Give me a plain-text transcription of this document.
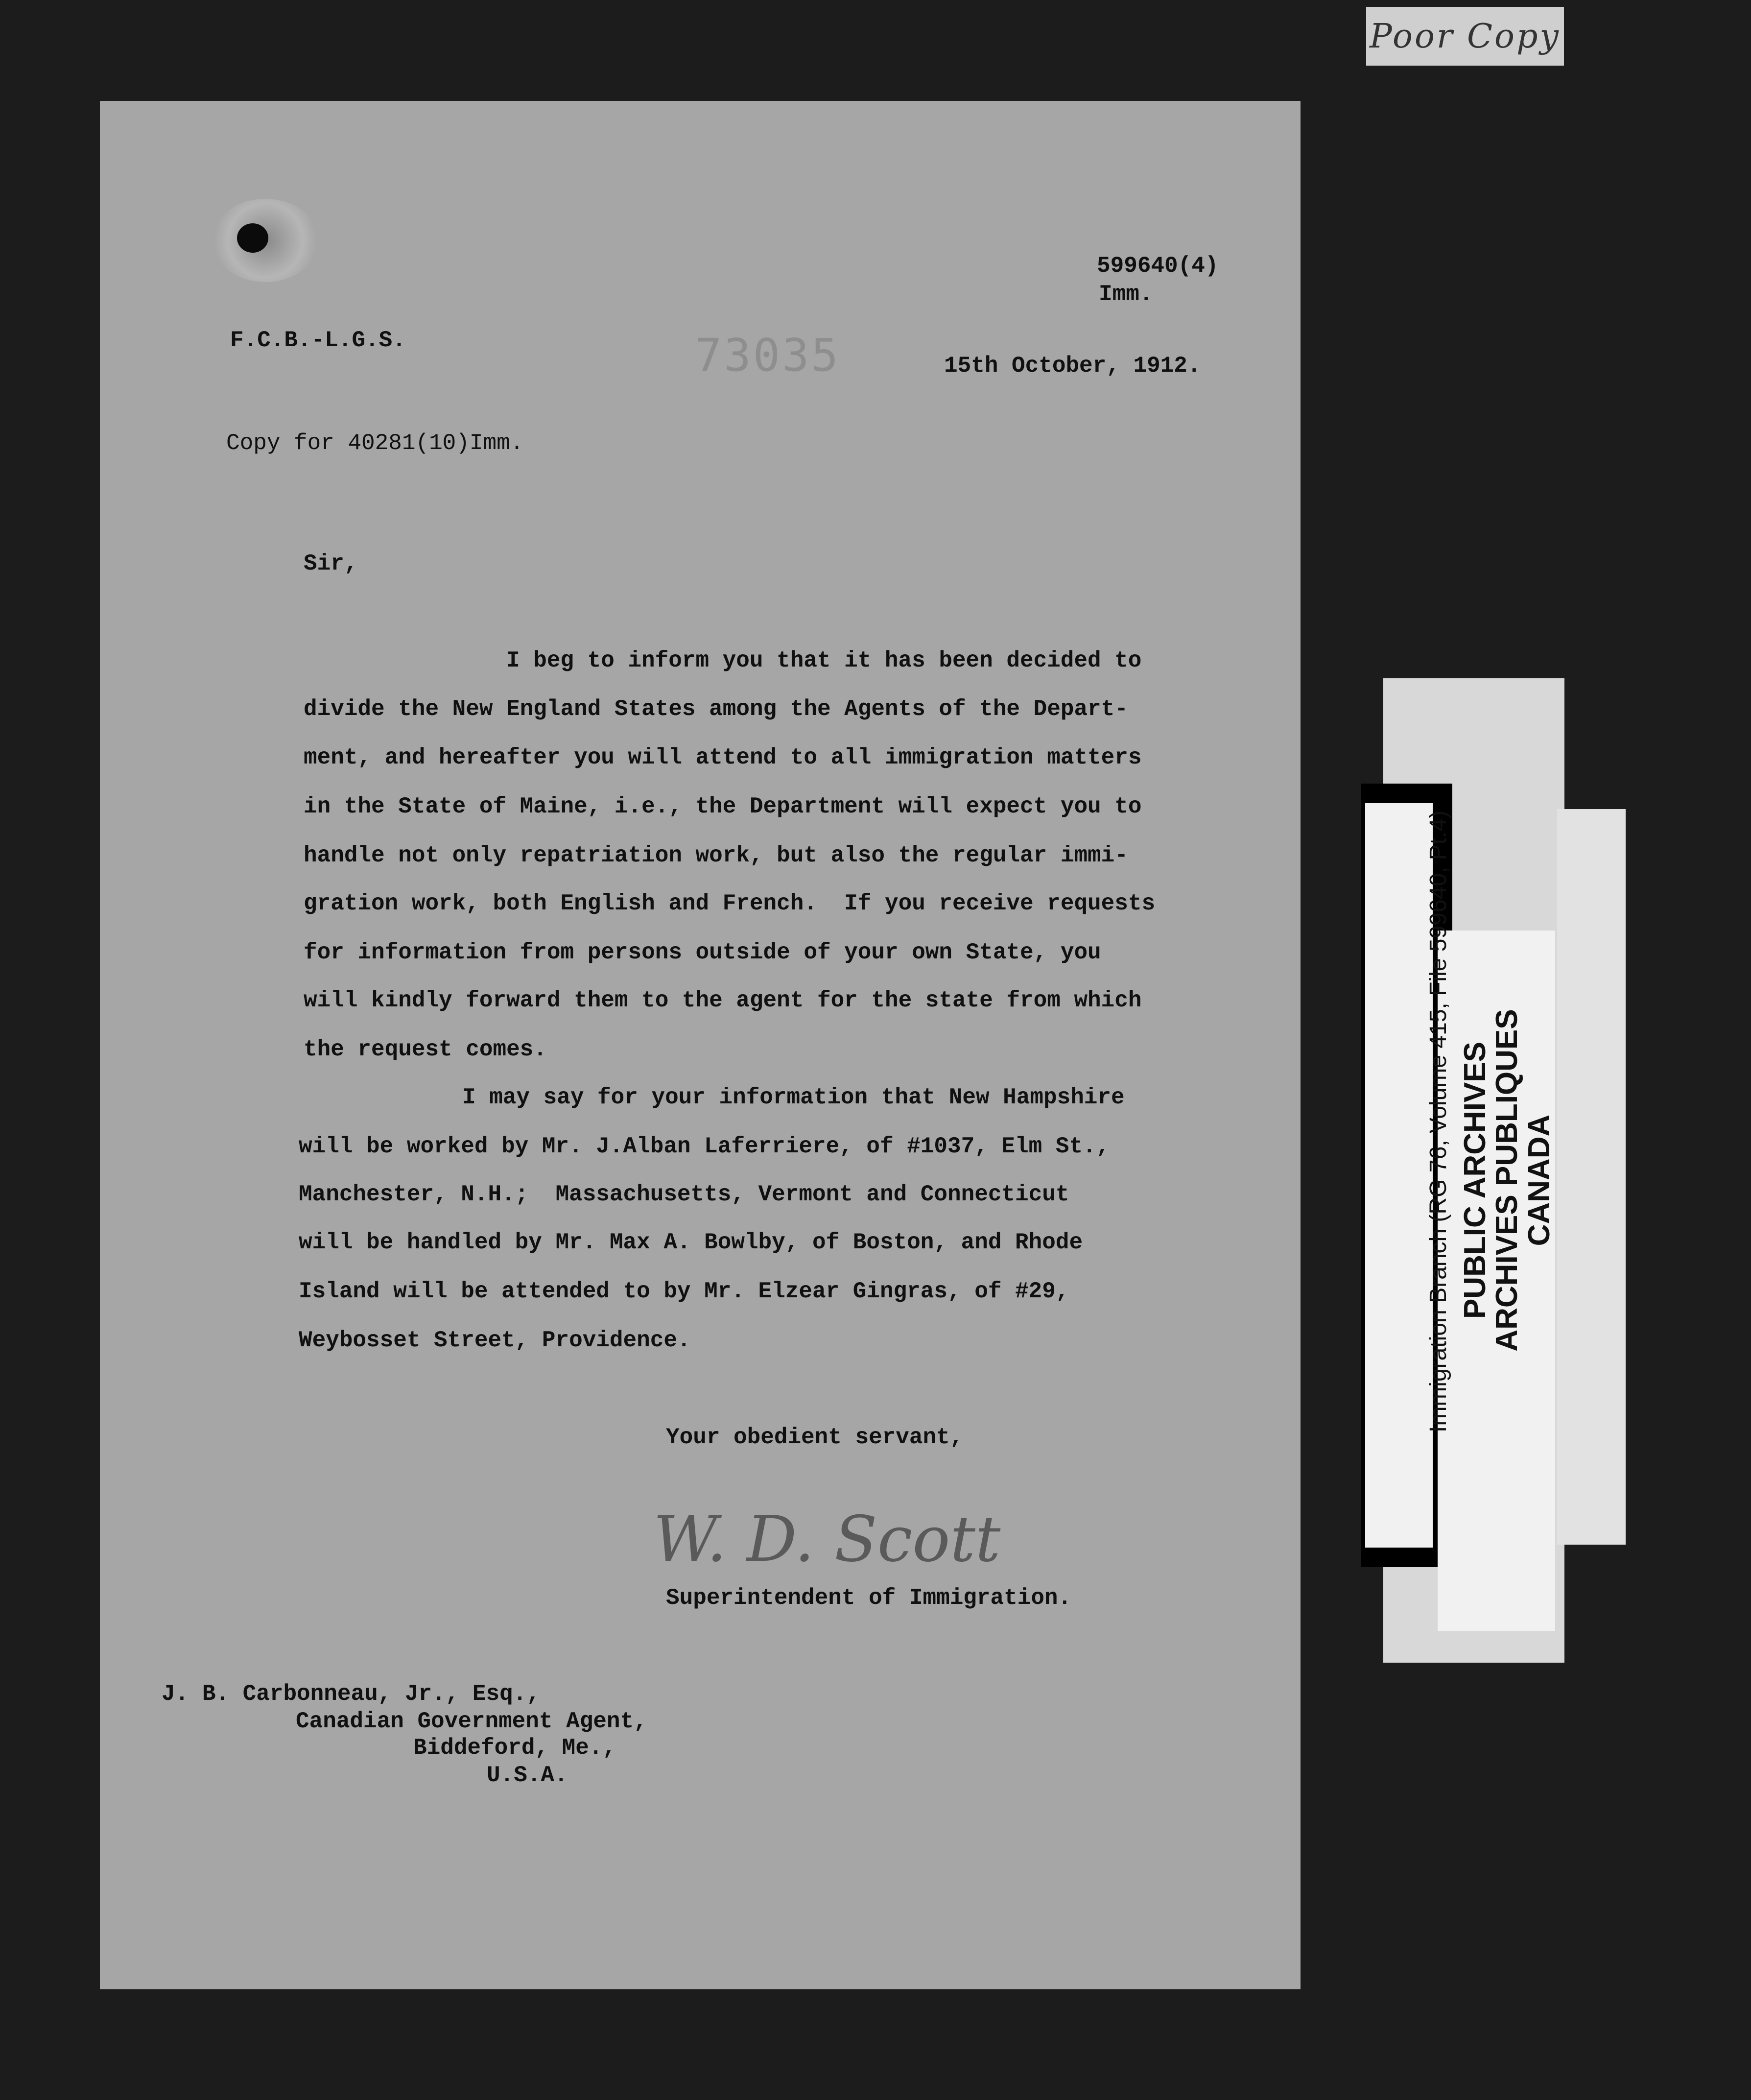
Poor Copy
599640(4)
Imm.
F.C.B.-L.G.S.	73035	15th October, 1912.
Copy for 40281(10)Imm.
Sir,
I beg to inform you that it has been decided to
divide the New England States among the Agents of the Depart-
ment, and hereafter you will attend to all immigration matters
in the State of Maine, i.e., the Department will expect you to
handle not only repatriation work, but also the regular immi-
gration work, both English and French.  If you receive requests
for information from persons outside of your own State, you
will kindly forward them to the agent for the state from which
the request comes.
I may say for your information that New Hampshire
will be worked by Mr. J.Alban Laferriere, of #1037, Elm St.,
Manchester, N.H.;  Massachusetts, Vermont and Connecticut
will be handled by Mr. Max A. Bowlby, of Boston, and Rhode
Island will be attended to by Mr. Elzear Gingras, of #29,
Weybosset Street, Providence.
Your obedient servant,
W. D. Scott
Superintendent of Immigration.
J. B. Carbonneau, Jr., Esq.,
Canadian Government Agent,
Biddeford, Me.,
U.S.A.
Immigration Branch (RG 76, Volume 415, File 599640, Pt.4) PUBLIC ARCHIVES
ARCHIVES PUBLIQUES
CANADA
